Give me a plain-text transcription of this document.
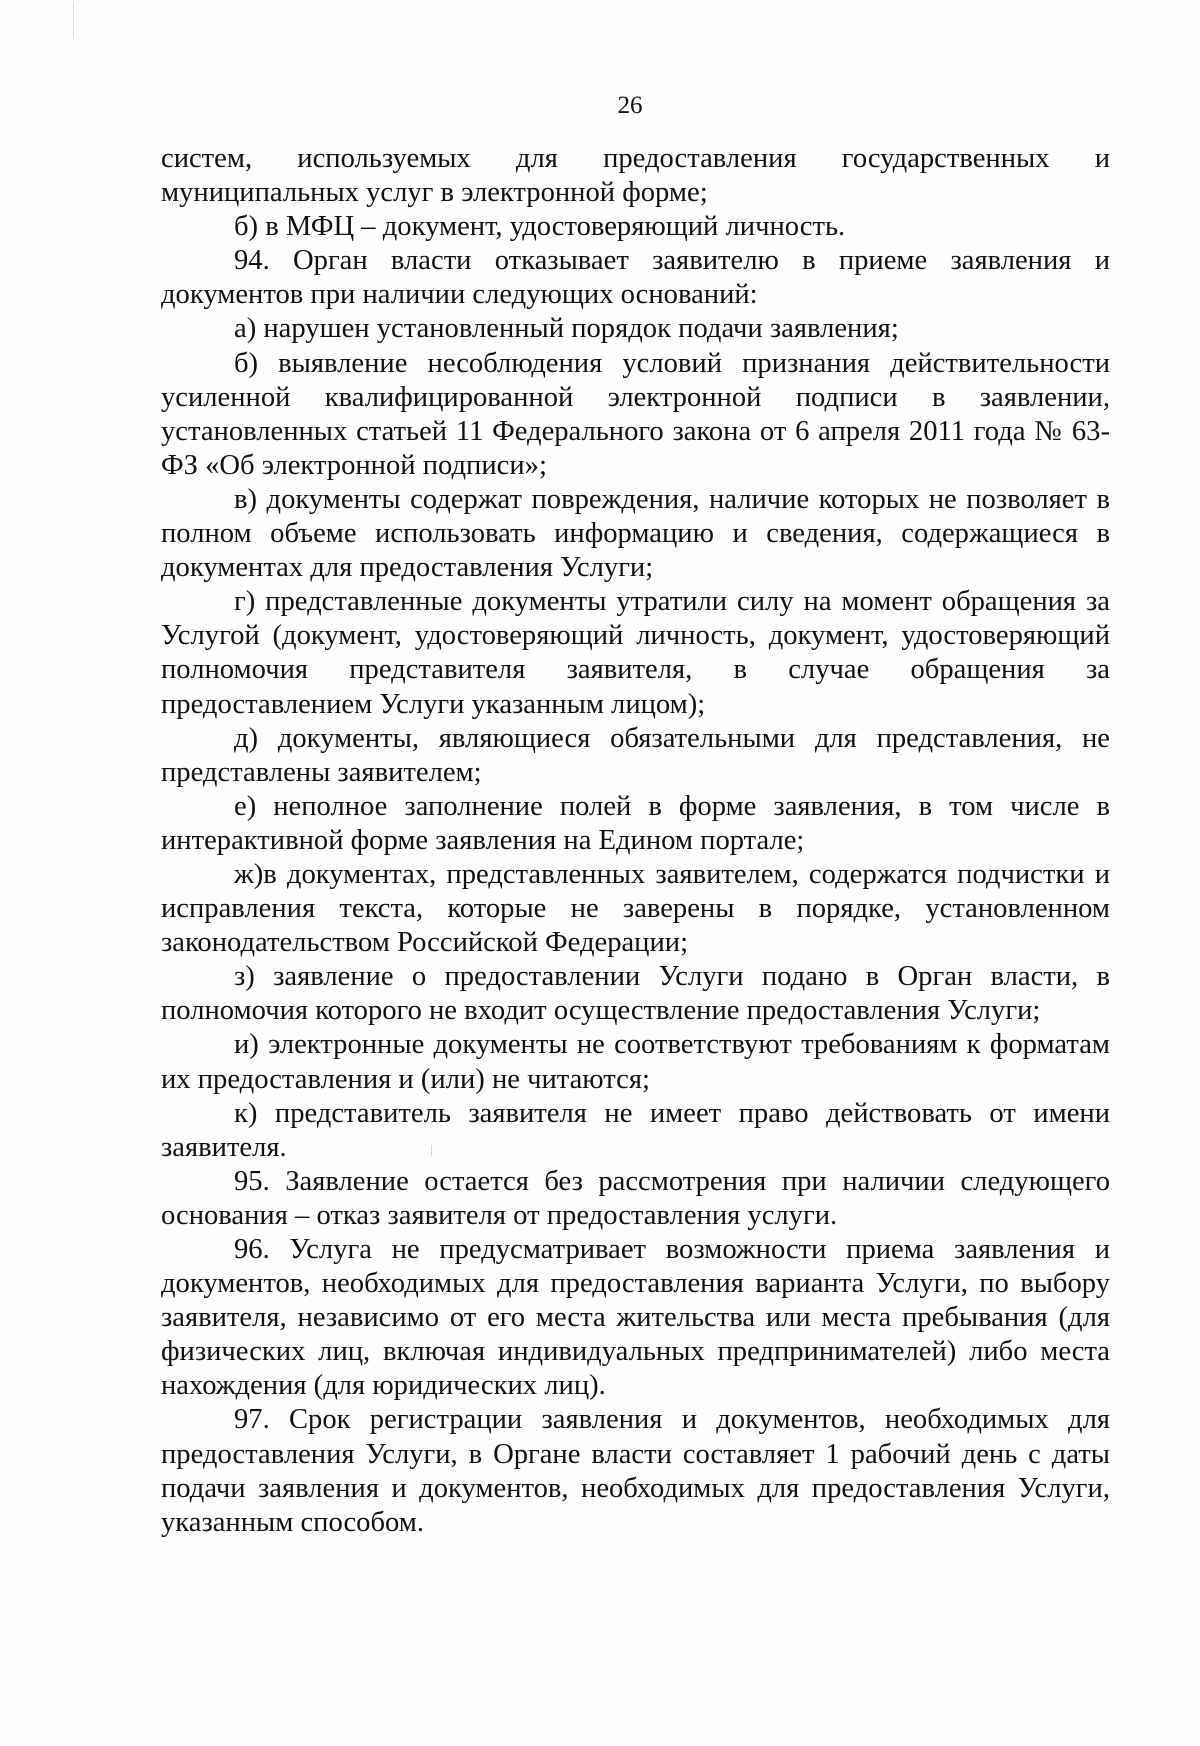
26

систем, используемых для предоставления государственных и муниципальных услуг в электронной форме;

б) в МФЦ – документ, удостоверяющий личность.

94. Орган власти отказывает заявителю в приеме заявления и документов при наличии следующих оснований:

а) нарушен установленный порядок подачи заявления;

б) выявление несоблюдения условий признания действительности усиленной квалифицированной электронной подписи в заявлении, установленных статьей 11 Федерального закона от 6 апреля 2011 года № 63-ФЗ «Об электронной подписи»;

в) документы содержат повреждения, наличие которых не позволяет в полном объеме использовать информацию и сведения, содержащиеся в документах для предоставления Услуги;

г) представленные документы утратили силу на момент обращения за Услугой (документ, удостоверяющий личность, документ, удостоверяющий полномочия представителя заявителя, в случае обращения за предоставлением Услуги указанным лицом);

д) документы, являющиеся обязательными для представления, не представлены заявителем;

е) неполное заполнение полей в форме заявления, в том числе в интерактивной форме заявления на Едином портале;

ж)в документах, представленных заявителем, содержатся подчистки и исправления текста, которые не заверены в порядке, установленном законодательством Российской Федерации;

з) заявление о предоставлении Услуги подано в Орган власти, в полномочия которого не входит осуществление предоставления Услуги;

и) электронные документы не соответствуют требованиям к форматам их предоставления и (или) не читаются;

к) представитель заявителя не имеет право действовать от имени заявителя.

95. Заявление остается без рассмотрения при наличии следующего основания – отказ заявителя от предоставления услуги.

96. Услуга не предусматривает возможности приема заявления и документов, необходимых для предоставления варианта Услуги, по выбору заявителя, независимо от его места жительства или места пребывания (для физических лиц, включая индивидуальных предпринимателей) либо места нахождения (для юридических лиц).

97. Срок регистрации заявления и документов, необходимых для предоставления Услуги, в Органе власти составляет 1 рабочий день с даты подачи заявления и документов, необходимых для предоставления Услуги, указанным способом.
